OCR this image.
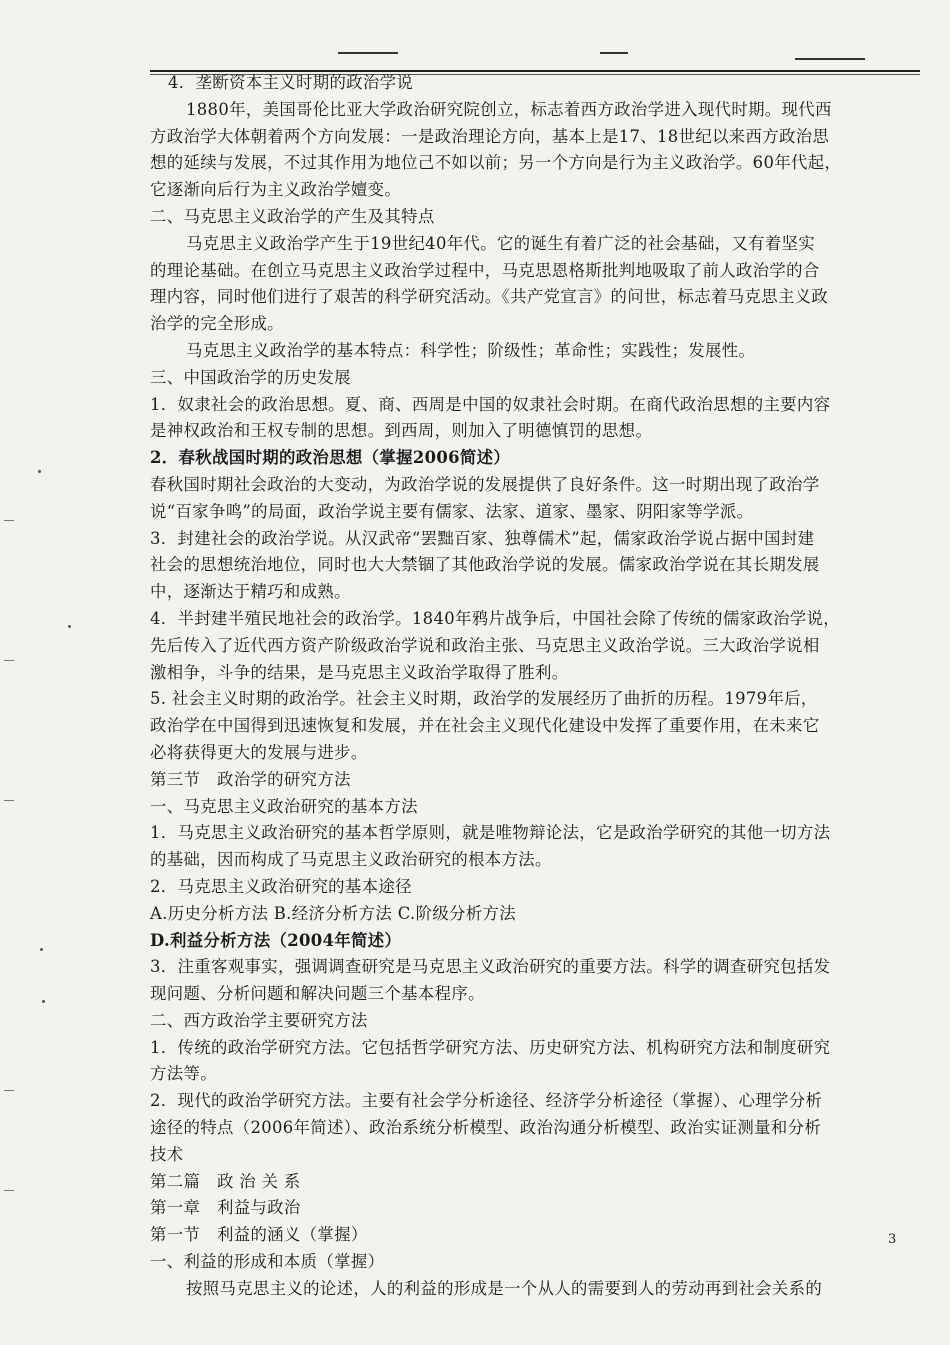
4．垄断资本主义时期的政治学说
1880年，美国哥伦比亚大学政治研究院创立，标志着西方政治学进入现代时期。现代西
方政治学大体朝着两个方向发展：一是政治理论方向，基本上是17、18世纪以来西方政治思
想的延续与发展，不过其作用为地位己不如以前；另一个方向是行为主义政治学。60年代起，
它逐渐向后行为主义政治学嬗变。
二、马克思主义政治学的产生及其特点
马克思主义政治学产生于19世纪40年代。它的诞生有着广泛的社会基础，又有着坚实
的理论基础。在创立马克思主义政治学过程中，马克思恩格斯批判地吸取了前人政治学的合
理内容，同时他们进行了艰苦的科学研究活动。《共产党宣言》的问世，标志着马克思主义政
治学的完全形成。
马克思主义政治学的基本特点：科学性；阶级性；革命性；实践性；发展性。
三、中国政治学的历史发展
1．奴隶社会的政治思想。夏、商、西周是中国的奴隶社会时期。在商代政治思想的主要内容
是神权政治和王权专制的思想。到西周，则加入了明德慎罚的思想。
2．春秋战国时期的政治思想（掌握2006简述）
春秋国时期社会政治的大变动，为政治学说的发展提供了良好条件。这一时期出现了政治学
说“百家争鸣”的局面，政治学说主要有儒家、法家、道家、墨家、阴阳家等学派。
3．封建社会的政治学说。从汉武帝“罢黜百家、独尊儒术”起，儒家政治学说占据中国封建
社会的思想统治地位，同时也大大禁锢了其他政治学说的发展。儒家政治学说在其长期发展
中，逐渐达于精巧和成熟。
4．半封建半殖民地社会的政治学。1840年鸦片战争后，中国社会除了传统的儒家政治学说，
先后传入了近代西方资产阶级政治学说和政治主张、马克思主义政治学说。三大政治学说相
激相争，斗争的结果，是马克思主义政治学取得了胜利。
5. 社会主义时期的政治学。社会主义时期，政治学的发展经历了曲折的历程。1979年后，
政治学在中国得到迅速恢复和发展，并在社会主义现代化建设中发挥了重要作用，在未来它
必将获得更大的发展与进步。
第三节　政治学的研究方法
一、马克思主义政治研究的基本方法
1．马克思主义政治研究的基本哲学原则，就是唯物辩论法，它是政治学研究的其他一切方法
的基础，因而构成了马克思主义政治研究的根本方法。
2．马克思主义政治研究的基本途径
A.历史分析方法 B.经济分析方法 C.阶级分析方法
D.利益分析方法（2004年简述）
3．注重客观事实，强调调查研究是马克思主义政治研究的重要方法。科学的调查研究包括发
现问题、分析问题和解决问题三个基本程序。
二、西方政治学主要研究方法
1．传统的政治学研究方法。它包括哲学研究方法、历史研究方法、机构研究方法和制度研究
方法等。
2．现代的政治学研究方法。主要有社会学分析途径、经济学分析途径（掌握）、心理学分析
途径的特点（2006年简述）、政治系统分析模型、政治沟通分析模型、政治实证测量和分析
技术
第二篇　政 治 关 系
第一章　利益与政治
第一节　利益的涵义（掌握）
一、利益的形成和本质（掌握）
按照马克思主义的论述，人的利益的形成是一个从人的需要到人的劳动再到社会关系的
3
